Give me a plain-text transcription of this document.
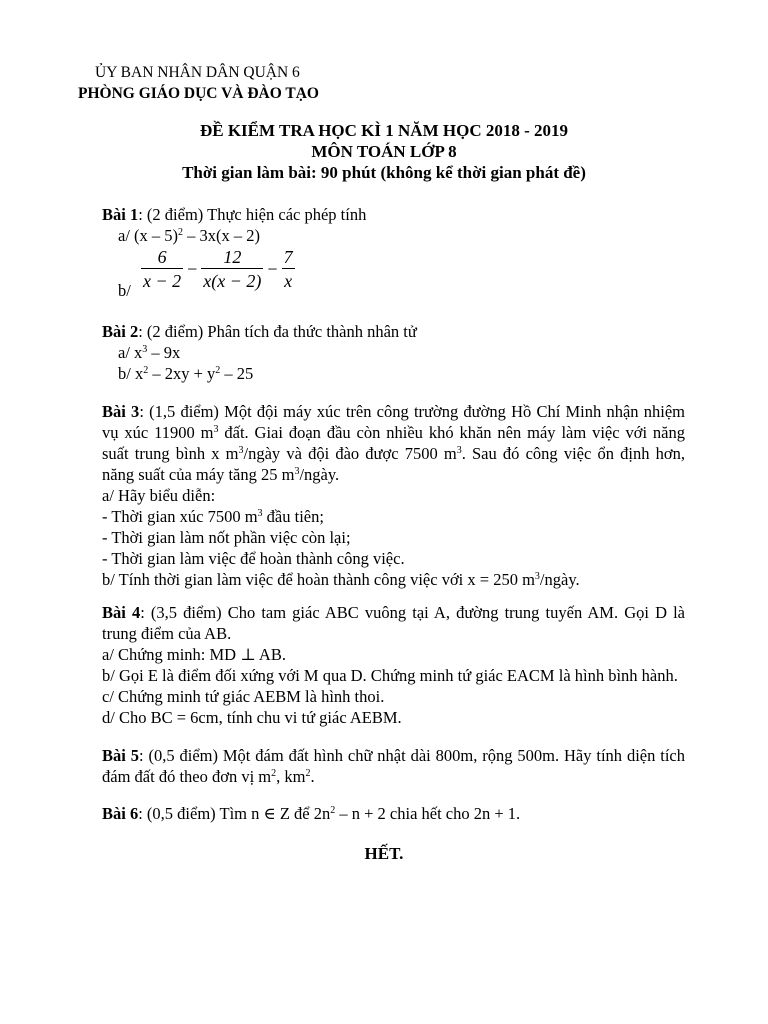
ỦY BAN NHÂN DÂN QUẬN 6
PHÒNG GIÁO DỤC VÀ ĐÀO TẠO
ĐỀ KIỂM TRA HỌC KÌ 1 NĂM HỌC 2018 - 2019
MÔN TOÁN LỚP 8
Thời gian làm bài: 90 phút (không kể thời gian phát đề)
Bài 1: (2 điểm) Thực hiện các phép tính
a/ (x – 5)$^2$ – 3x(x – 2)
$b/ \frac{6}{x - 2} - \frac{12}{x(x - 2)} - \frac{7}{x}$
Bài 2: (2 điểm) Phân tích đa thức thành nhân tử
a/ $x^3 - 9x$
b/ $x^2 - 2xy + y^2 - 25$
Bài 3: (1,5 điểm) Một đội máy xúc trên công trường đường Hồ Chí Minh nhận nhiệm vụ xúc 11900 $m^3$ đất. Giai đoạn đầu còn nhiều khó khăn nên máy làm việc với năng suất trung bình x $m^3$/ngày và đội đào được 7500 $m^3$. Sau đó công việc ổn định hơn, năng suất của máy tăng 25 $m^3$/ngày.
a/ Hãy biểu diễn:
- Thời gian xúc 7500 $m^3$ đầu tiên;
- Thời gian làm nốt phần việc còn lại;
- Thời gian làm việc để hoàn thành công việc.
b/ Tính thời gian làm việc để hoàn thành công việc với x = 250 $m^3$/ngày.
Bài 4: (3,5 điểm) Cho tam giác ABC vuông tại A, đường trung tuyến AM. Gọi D là trung điểm của AB.
a/ Chứng minh: MD ⊥ AB.
b/ Gọi E là điểm đối xứng với M qua D. Chứng minh tứ giác EACM là hình bình hành.
c/ Chứng minh tứ giác AEBM là hình thoi.
d/ Cho BC = 6cm, tính chu vi tứ giác AEBM.
Bài 5: (0,5 điểm) Một đám đất hình chữ nhật dài 800m, rộng 500m. Hãy tính diện tích đám đất đó theo đơn vị $m^2$, $km^2$.
Bài 6: (0,5 điểm) Tìm n ∈ Z để $2n^2 - n + 2$ chia hết cho 2n + 1.
HẾT.
